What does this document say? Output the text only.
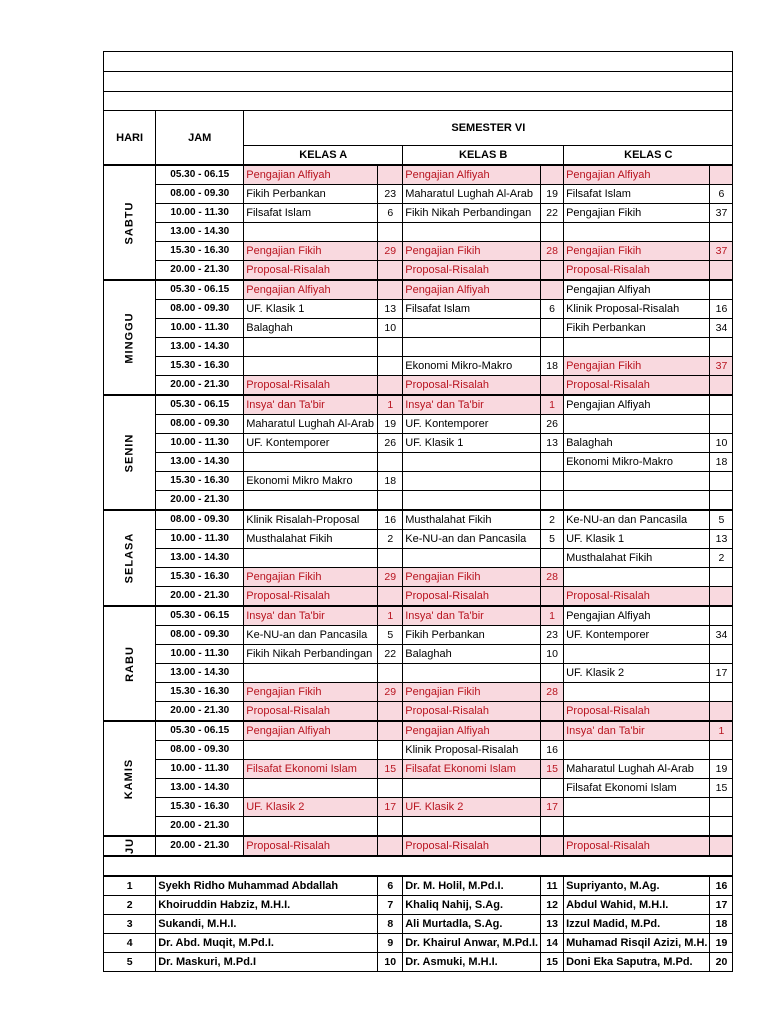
HARI	JAM	SEMESTER VI					
		KELAS A		KELAS B		KELAS C	
SABTU	05.30 - 06.15	Pengajian Alfiyah		Pengajian Alfiyah		Pengajian Alfiyah	
	08.00 - 09.30	Fikih Perbankan	23	Maharatul Lughah Al-Arab	19	Filsafat Islam	6
	10.00 - 11.30	Filsafat Islam	6	Fikih Nikah Perbandingan	22	Pengajian Fikih	37
	13.00 - 14.30						
	15.30 - 16.30	Pengajian Fikih	29	Pengajian Fikih	28	Pengajian Fikih	37
	20.00 - 21.30	Proposal-Risalah		Proposal-Risalah		Proposal-Risalah	
MINGGU	05.30 - 06.15	Pengajian Alfiyah		Pengajian Alfiyah		Pengajian Alfiyah	
	08.00 - 09.30	UF. Klasik 1	13	Filsafat Islam	6	Klinik Proposal-Risalah	16
	10.00 - 11.30	Balaghah	10			Fikih Perbankan	34
	13.00 - 14.30						
	15.30 - 16.30			Ekonomi Mikro-Makro	18	Pengajian Fikih	37
	20.00 - 21.30	Proposal-Risalah		Proposal-Risalah		Proposal-Risalah	
SENIN	05.30 - 06.15	Insya' dan Ta'bir	1	Insya' dan Ta'bir	1	Pengajian Alfiyah	
	08.00 - 09.30	Maharatul Lughah Al-Arab	19	UF. Kontemporer	26		
	10.00 - 11.30	UF. Kontemporer	26	UF. Klasik 1	13	Balaghah	10
	13.00 - 14.30					Ekonomi Mikro-Makro	18
	15.30 - 16.30	Ekonomi Mikro Makro	18				
	20.00 - 21.30						
SELASA	08.00 - 09.30	Klinik Risalah-Proposal	16	Musthalahat Fikih	2	Ke-NU-an dan Pancasila	5
	10.00 - 11.30	Musthalahat Fikih	2	Ke-NU-an dan Pancasila	5	UF. Klasik 1	13
	13.00 - 14.30					Musthalahat Fikih	2
	15.30 - 16.30	Pengajian Fikih	29	Pengajian Fikih	28		
	20.00 - 21.30	Proposal-Risalah		Proposal-Risalah		Proposal-Risalah	
RABU	05.30 - 06.15	Insya' dan Ta'bir	1	Insya' dan Ta'bir	1	Pengajian Alfiyah	
	08.00 - 09.30	Ke-NU-an dan Pancasila	5	Fikih Perbankan	23	UF. Kontemporer	34
	10.00 - 11.30	Fikih Nikah Perbandingan	22	Balaghah	10		
	13.00 - 14.30					UF. Klasik 2	17
	15.30 - 16.30	Pengajian Fikih	29	Pengajian Fikih	28		
	20.00 - 21.30	Proposal-Risalah		Proposal-Risalah		Proposal-Risalah	
KAMIS	05.30 - 06.15	Pengajian Alfiyah		Pengajian Alfiyah		Insya' dan Ta'bir	1
	08.00 - 09.30			Klinik Proposal-Risalah	16		
	10.00 - 11.30	Filsafat Ekonomi Islam	15	Filsafat Ekonomi Islam	15	Maharatul Lughah Al-Arab	19
	13.00 - 14.30					Filsafat Ekonomi Islam	15
	15.30 - 16.30	UF. Klasik 2	17	UF. Klasik 2	17		
	20.00 - 21.30						
JU	20.00 - 21.30	Proposal-Risalah		Proposal-Risalah		Proposal-Risalah	

1	Syekh Ridho Muhammad Abdallah		6	Dr. M. Holil, M.Pd.I.	11	Supriyanto, M.Ag.	16
2	Khoiruddin Habziz, M.H.I.		7	Khaliq Nahij, S.Ag.	12	Abdul Wahid, M.H.I.	17
3	Sukandi, M.H.I.		8	Ali Murtadla, S.Ag.	13	Izzul Madid, M.Pd.	18
4	Dr. Abd. Muqit, M.Pd.I.		9	Dr. Khairul Anwar, M.Pd.I.	14	Muhamad Risqil Azizi, M.H.	19
5	Dr. Maskuri, M.Pd.I		10	Dr. Asmuki, M.H.I.	15	Doni Eka Saputra, M.Pd.	20
